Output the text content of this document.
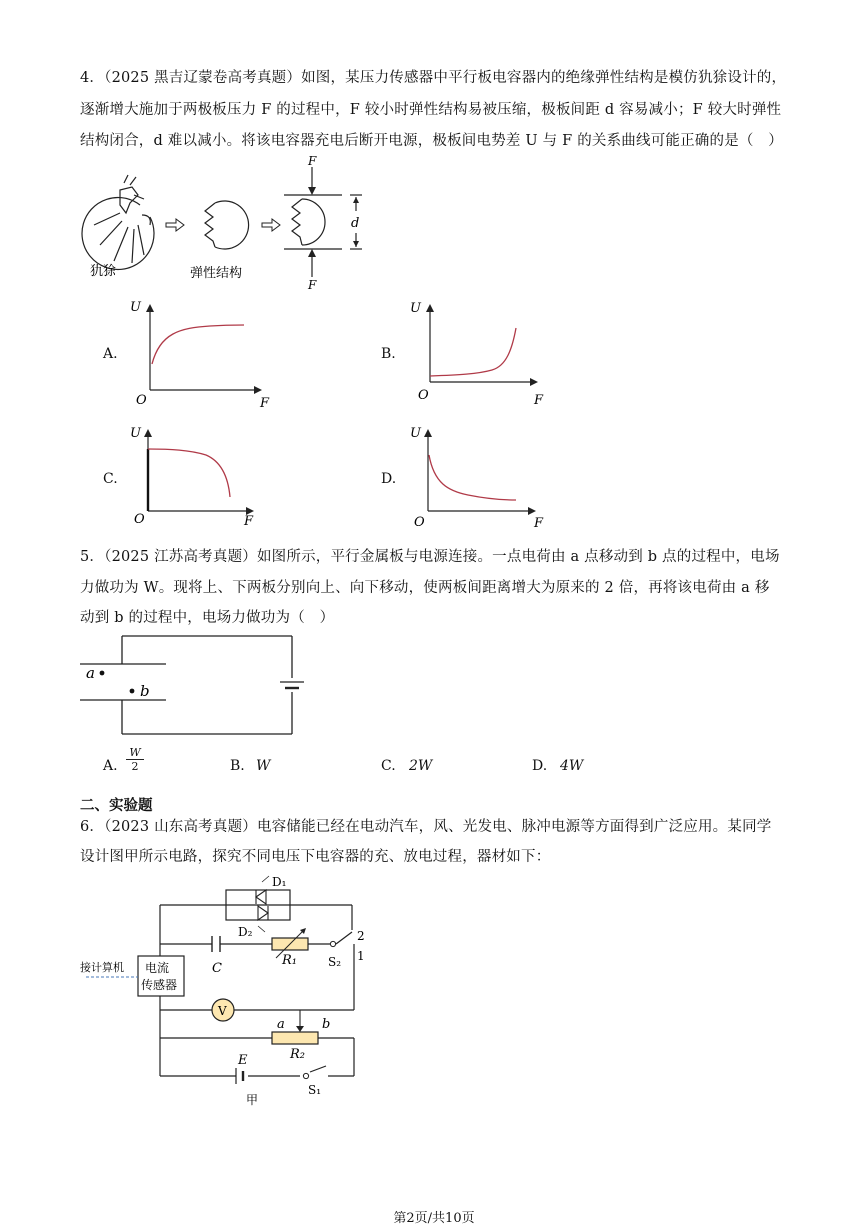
4．（2025 黑吉辽蒙卷高考真题）如图，某压力传感器中平行板电容器内的绝缘弹性结构是模仿犰狳设计的，
逐渐增大施加于两极板压力 F 的过程中，F 较小时弹性结构易被压缩，极板间距 d 容易减小；F 较大时弹性
结构闭合，d 难以减小。将该电容器充电后断开电源，极板间电势差 U 与 F 的关系曲线可能正确的是（　）
犰狳	弹性结构
F
F
d
A.
U
F
O
B.
U
F
O
C.
U
F
O
D.
U
F
O
5．（2025 江苏高考真题）如图所示，平行金属板与电源连接。一点电荷由 a 点移动到 b 点的过程中，电场
力做功为 W。现将上、下两板分别向上、向下移动，使两板间距离增大为原来的 2 倍，再将该电荷由 a 移
动到 b 的过程中，电场力做功为（　）
a
b
A. $\frac{W}{2}$	B. W	C. 2W	D. 4W
二、实验题
6．（2023 山东高考真题）电容储能已经在电动汽车，风、光发电、脉冲电源等方面得到广泛应用。某同学
设计图甲所示电路，探究不同电压下电容器的充、放电过程，器材如下：
V
接计算机 电流
传感器
D₁
D₂
C
R₁	S₂
2
1
a	b
R₂
E
S₁
甲
第2页/共10页
